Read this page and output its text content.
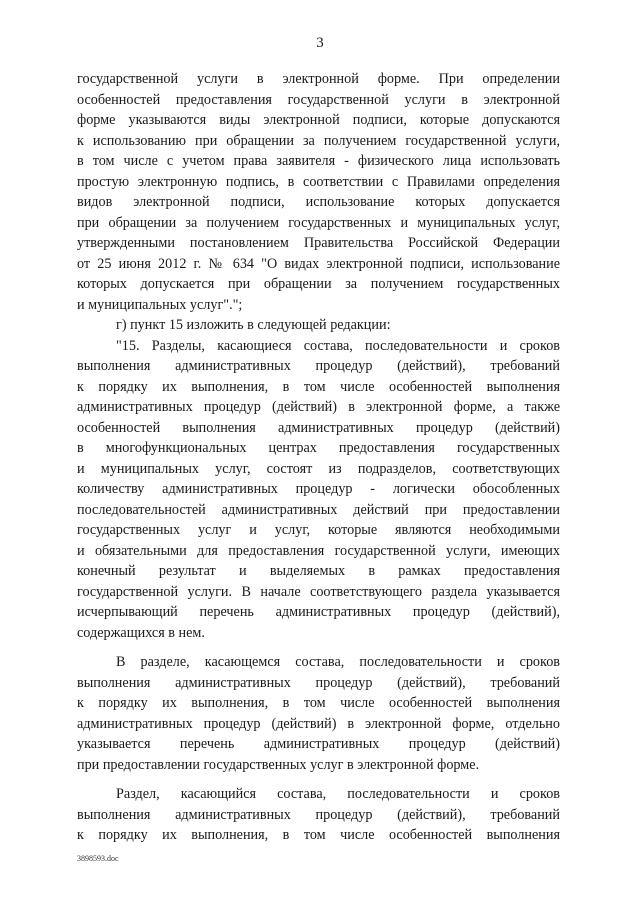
3
государственной услуги в электронной форме. При определении
особенностей предоставления государственной услуги в электронной
форме указываются виды электронной подписи, которые допускаются
к использованию при обращении за получением государственной услуги,
в том числе с учетом права заявителя - физического лица использовать
простую электронную подпись, в соответствии с Правилами определения
видов электронной подписи, использование которых допускается
при обращении за получением государственных и муниципальных услуг,
утвержденными постановлением Правительства Российской Федерации
от 25 июня 2012 г. № 634 "О видах электронной подписи, использование
которых допускается при обращении за получением государственных
и муниципальных услуг".";
г) пункт 15 изложить в следующей редакции:
"15. Разделы, касающиеся состава, последовательности и сроков
выполнения административных процедур (действий), требований
к порядку их выполнения, в том числе особенностей выполнения
административных процедур (действий) в электронной форме, а также
особенностей выполнения административных процедур (действий)
в многофункциональных центрах предоставления государственных
и муниципальных услуг, состоят из подразделов, соответствующих
количеству административных процедур - логически обособленных
последовательностей административных действий при предоставлении
государственных услуг и услуг, которые являются необходимыми
и обязательными для предоставления государственной услуги, имеющих
конечный результат и выделяемых в рамках предоставления
государственной услуги. В начале соответствующего раздела указывается
исчерпывающий перечень административных процедур (действий),
содержащихся в нем.
В разделе, касающемся состава, последовательности и сроков
выполнения административных процедур (действий), требований
к порядку их выполнения, в том числе особенностей выполнения
административных процедур (действий) в электронной форме, отдельно
указывается перечень административных процедур (действий)
при предоставлении государственных услуг в электронной форме.
Раздел, касающийся состава, последовательности и сроков
выполнения административных процедур (действий), требований
к порядку их выполнения, в том числе особенностей выполнения
3898593.doc
